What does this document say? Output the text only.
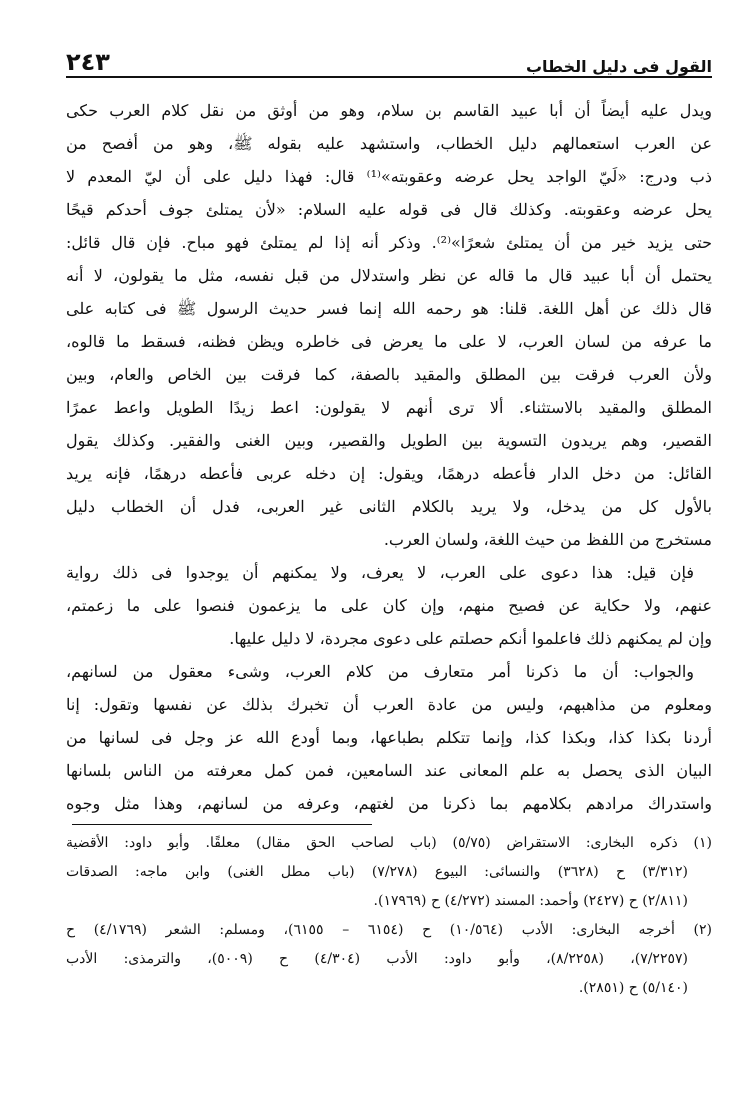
القول فى دليل الخطاب
٢٤٣
ويدل عليه أيضاً أن أبا عبيد القاسم بن سلام، وهو من أوثق من نقل كلام العرب حكى
عن العرب استعمالهم دليل الخطاب، واستشهد عليه بقوله ﷺ، وهو من أفصح من
ذب ودرج: «لَيّ الواجد يحل عرضه وعقوبته»⁽¹⁾ قال: فهذا دليل على أن ليّ المعدم لا
يحل عرضه وعقوبته. وكذلك قال فى قوله عليه السلام: «لأن يمتلئ جوف أحدكم قيحًا
حتى يزيد خير من أن يمتلئ شعرًا»⁽²⁾. وذكر أنه إذا لم يمتلئ فهو مباح. فإن قال قائل:
يحتمل أن أبا عبيد قال ما قاله عن نظر واستدلال من قبل نفسه، مثل ما يقولون، لا أنه
قال ذلك عن أهل اللغة. قلنا: هو رحمه الله إنما فسر حديث الرسول ﷺ فى كتابه على
ما عرفه من لسان العرب، لا على ما يعرض فى خاطره ويظن فظنه، فسقط ما قالوه،
ولأن العرب فرقت بين المطلق والمقيد بالصفة، كما فرقت بين الخاص والعام، وبين
المطلق والمقيد بالاستثناء. ألا ترى أنهم لا يقولون: اعط زيدًا الطويل واعط عمرًا
القصير، وهم يريدون التسوية بين الطويل والقصير، وبين الغنى والفقير. وكذلك يقول
القائل: من دخل الدار فأعطه درهمًا، ويقول: إن دخله عربى فأعطه درهمًا، فإنه يريد
بالأول كل من يدخل، ولا يريد بالكلام الثانى غير العربى، فدل أن الخطاب دليل
مستخرج من اللفظ من حيث اللغة، ولسان العرب.
فإن قيل: هذا دعوى على العرب، لا يعرف، ولا يمكنهم أن يوجدوا فى ذلك رواية
عنهم، ولا حكاية عن فصيح منهم، وإن كان على ما يزعمون فنصوا على ما زعمتم،
وإن لم يمكنهم ذلك فاعلموا أنكم حصلتم على دعوى مجردة، لا دليل عليها.
والجواب: أن ما ذكرنا أمر متعارف من كلام العرب، وشىء معقول من لسانهم،
ومعلوم من مذاهبهم، وليس من عادة العرب أن تخبرك بذلك عن نفسها وتقول: إنا
أردنا بكذا كذا، وبكذا كذا، وإنما تتكلم بطباعها، وبما أودع الله عز وجل فى لسانها من
البيان الذى يحصل به علم المعانى عند السامعين، فمن كمل معرفته من الناس بلسانها
واستدراك مرادهم بكلامهم بما ذكرنا من لغتهم، وعرفه من لسانهم، وهذا مثل وجوه
(١) ذكره البخارى: الاستقراض (٥/٧٥) (باب لصاحب الحق مقال) معلقًا. وأبو داود: الأقضية
(٣/٣١٢) ح (٣٦٢٨) والنسائى: البيوع (٧/٢٧٨) (باب مطل الغنى) وابن ماجه: الصدقات
(٢/٨١١) ح (٢٤٢٧) وأحمد: المسند (٤/٢٧٢) ح (١٧٩٦٩).
(٢) أخرجه البخارى: الأدب (١٠/٥٦٤) ح (٦١٥٤ – ٦١٥٥)، ومسلم: الشعر (٤/١٧٦٩) ح
(٧/٢٢٥٧)، (٨/٢٢٥٨)، وأبو داود: الأدب (٤/٣٠٤) ح (٥٠٠٩)، والترمذى: الأدب
(٥/١٤٠) ح (٢٨٥١).
